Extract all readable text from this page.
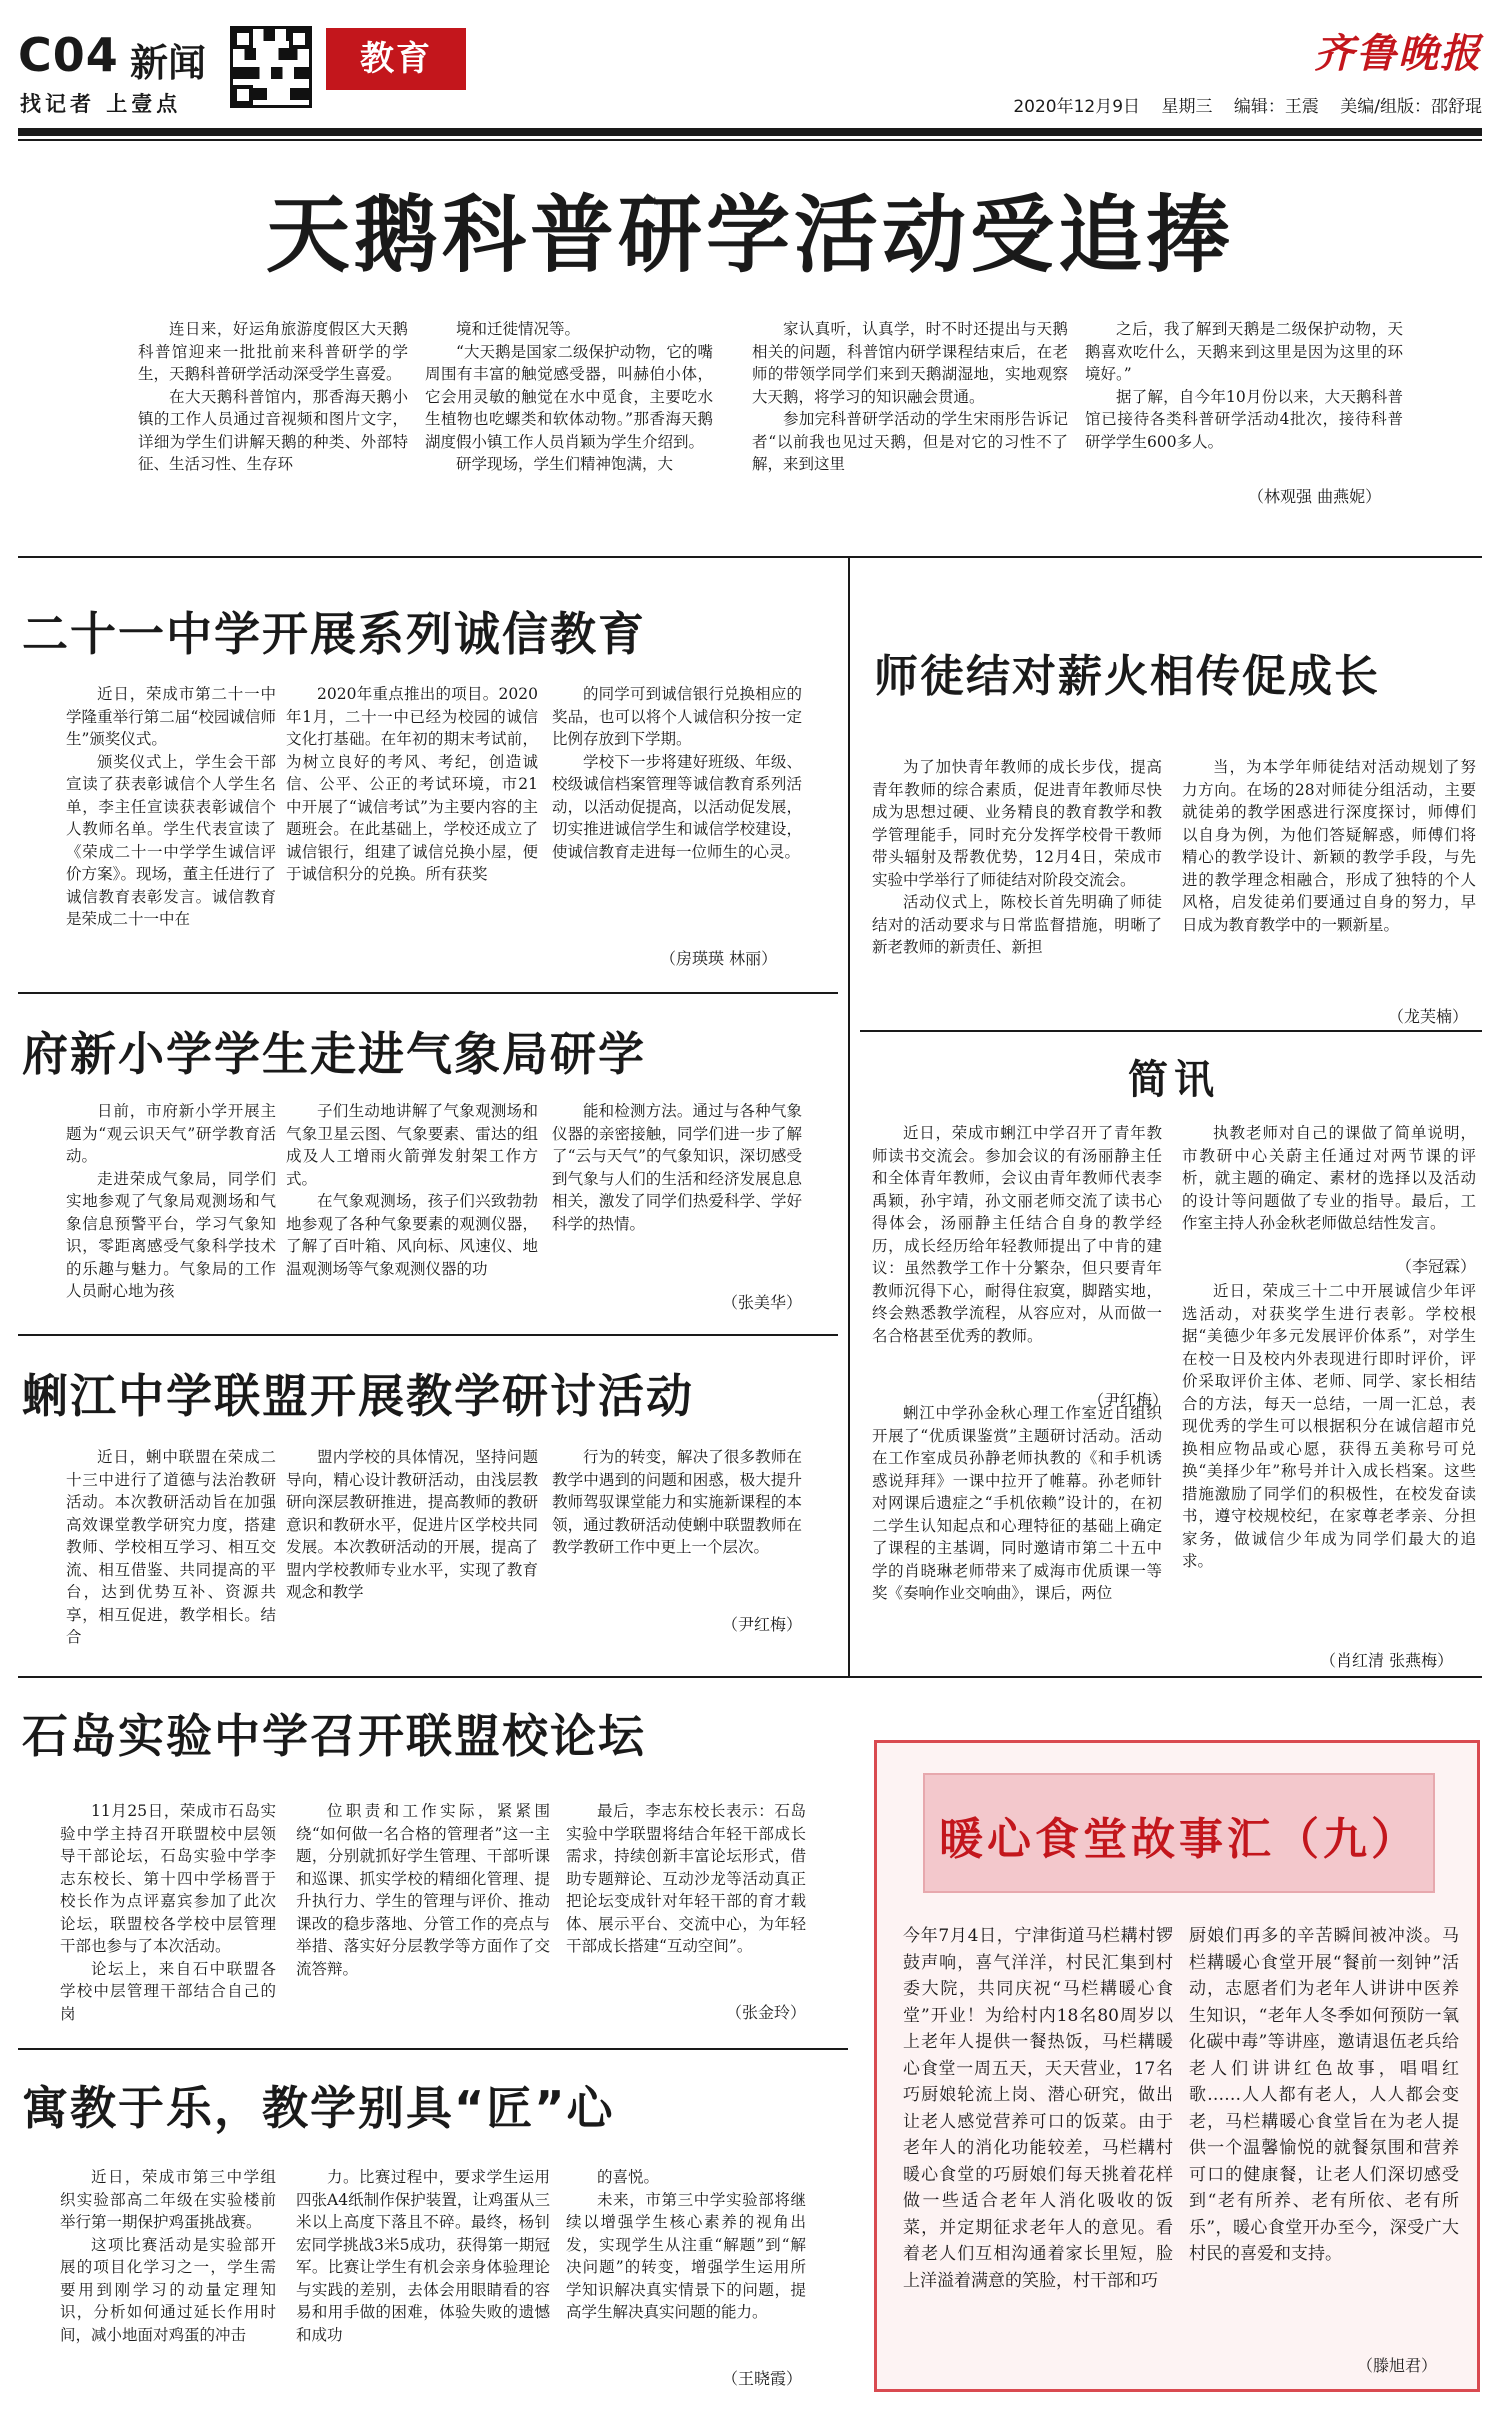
C04 新闻
找记者 上壹点
教育	齐鲁晚报
2020年12月9日 星期三 编辑：王震 美编/组版：邵舒琨
天鹅科普研学活动受追捧

连日来，好运角旅游度假区大天鹅科普馆迎来一批批前来科普研学的学生，天鹅科普研学活动深受学生喜爱。

在大天鹅科普馆内，那香海天鹅小镇的工作人员通过音视频和图片文字，详细为学生们讲解天鹅的种类、外部特征、生活习性、生存环

境和迁徙情况等。

“大天鹅是国家二级保护动物，它的嘴周围有丰富的触觉感受器，叫赫伯小体，它会用灵敏的触觉在水中觅食，主要吃水生植物也吃螺类和软体动物。”那香海天鹅湖度假小镇工作人员肖颖为学生介绍到。

研学现场，学生们精神饱满，大

家认真听，认真学，时不时还提出与天鹅相关的问题，科普馆内研学课程结束后，在老师的带领学同学们来到天鹅湖湿地，实地观察大天鹅，将学习的知识融会贯通。

参加完科普研学活动的学生宋雨彤告诉记者“以前我也见过天鹅，但是对它的习性不了解，来到这里

之后，我了解到天鹅是二级保护动物，天鹅喜欢吃什么，天鹅来到这里是因为这里的环境好。”

据了解，自今年10月份以来，大天鹅科普馆已接待各类科普研学活动4批次，接待科普研学学生600多人。

（林观强 曲燕妮）
二十一中学开展系列诚信教育

近日，荣成市第二十一中学隆重举行第二届“校园诚信师生”颁奖仪式。

颁奖仪式上，学生会干部宣读了获表彰诚信个人学生名单，李主任宣读获表彰诚信个人教师名单。学生代表宣读了《荣成二十一中学学生诚信评价方案》。现场，董主任进行了诚信教育表彰发言。诚信教育是荣成二十一中在

2020年重点推出的项目。2020年1月，二十一中已经为校园的诚信文化打基础。在年初的期末考试前，为树立良好的考风、考纪，创造诚信、公平、公正的考试环境，市21中开展了“诚信考试”为主要内容的主题班会。在此基础上，学校还成立了诚信银行，组建了诚信兑换小屋，便于诚信积分的兑换。所有获奖

的同学可到诚信银行兑换相应的奖品，也可以将个人诚信积分按一定比例存放到下学期。

学校下一步将建好班级、年级、校级诚信档案管理等诚信教育系列活动，以活动促提高，以活动促发展，切实推进诚信学生和诚信学校建设，使诚信教育走进每一位师生的心灵。

（房瑛瑛 林丽）
府新小学学生走进气象局研学

日前，市府新小学开展主题为“观云识天气”研学教育活动。

走进荣成气象局，同学们实地参观了气象局观测场和气象信息预警平台，学习气象知识，零距离感受气象科学技术的乐趣与魅力。气象局的工作人员耐心地为孩

子们生动地讲解了气象观测场和气象卫星云图、气象要素、雷达的组成及人工增雨火箭弹发射架工作方式。

在气象观测场，孩子们兴致勃勃地参观了各种气象要素的观测仪器，了解了百叶箱、风向标、风速仪、地温观测场等气象观测仪器的功

能和检测方法。通过与各种气象仪器的亲密接触，同学们进一步了解了“云与天气”的气象知识，深切感受到气象与人们的生活和经济发展息息相关，激发了同学们热爱科学、学好科学的热情。

（张美华）
蜊江中学联盟开展教学研讨活动

近日，蜊中联盟在荣成二十三中进行了道德与法治教研活动。本次教研活动旨在加强高效课堂教学研究力度，搭建教师、学校相互学习、相互交流、相互借鉴、共同提高的平台，达到优势互补、资源共享，相互促进，教学相长。结合

盟内学校的具体情况，坚持问题导向，精心设计教研活动，由浅层教研向深层教研推进，提高教师的教研意识和教研水平，促进片区学校共同发展。本次教研活动的开展，提高了盟内学校教师专业水平，实现了教育观念和教学

行为的转变，解决了很多教师在教学中遇到的问题和困惑，极大提升教师驾驭课堂能力和实施新课程的本领，通过教研活动使蜊中联盟教师在教学教研工作中更上一个层次。

（尹红梅）
石岛实验中学召开联盟校论坛

11月25日，荣成市石岛实验中学主持召开联盟校中层领导干部论坛，石岛实验中学李志东校长、第十四中学杨晋于校长作为点评嘉宾参加了此次论坛，联盟校各学校中层管理干部也参与了本次活动。

论坛上，来自石中联盟各学校中层管理干部结合自己的岗

位职责和工作实际，紧紧围绕“如何做一名合格的管理者”这一主题，分别就抓好学生管理、干部听课和巡课、抓实学校的精细化管理、提升执行力、学生的管理与评价、推动课改的稳步落地、分管工作的亮点与举措、落实好分层教学等方面作了交流答辩。

最后，李志东校长表示：石岛实验中学联盟将结合年轻干部成长需求，持续创新丰富论坛形式，借助专题辩论、互动沙龙等活动真正把论坛变成针对年轻干部的育才载体、展示平台、交流中心，为年轻干部成长搭建“互动空间”。

（张金玲）
寓教于乐，教学别具“匠”心

近日，荣成市第三中学组织实验部高二年级在实验楼前举行第一期保护鸡蛋挑战赛。

这项比赛活动是实验部开展的项目化学习之一，学生需要用到刚学习的动量定理知识，分析如何通过延长作用时间，减小地面对鸡蛋的冲击

力。比赛过程中，要求学生运用四张A4纸制作保护装置，让鸡蛋从三米以上高度下落且不碎。最终，杨钊宏同学挑战3米5成功，获得第一期冠军。比赛让学生有机会亲身体验理论与实践的差别，去体会用眼睛看的容易和用手做的困难，体验失败的遗憾和成功

的喜悦。

未来，市第三中学实验部将继续以增强学生核心素养的视角出发，实现学生从注重“解题”到“解决问题”的转变，增强学生运用所学知识解决真实情景下的问题，提高学生解决真实问题的能力。

（王晓霞）
师徒结对薪火相传促成长

为了加快青年教师的成长步伐，提高青年教师的综合素质，促进青年教师尽快成为思想过硬、业务精良的教育教学和教学管理能手，同时充分发挥学校骨干教师带头辐射及帮教优势，12月4日，荣成市实验中学举行了师徒结对阶段交流会。

活动仪式上，陈校长首先明确了师徒结对的活动要求与日常监督措施，明晰了新老教师的新责任、新担

当，为本学年师徒结对活动规划了努力方向。在场的28对师徒分组活动，主要就徒弟的教学困惑进行深度探讨，师傅们以自身为例，为他们答疑解惑，师傅们将精心的教学设计、新颖的教学手段，与先进的教学理念相融合，形成了独特的个人风格，启发徒弟们要通过自身的努力，早日成为教育教学中的一颗新星。

（龙芙楠）
简讯

近日，荣成市蜊江中学召开了青年教师读书交流会。参加会议的有汤丽静主任和全体青年教师，会议由青年教师代表李禹颖，孙宇靖，孙文丽老师交流了读书心得体会，汤丽静主任结合自身的教学经历，成长经历给年轻教师提出了中肯的建议：虽然教学工作十分繁杂，但只要青年教师沉得下心，耐得住寂寞，脚踏实地，终会熟悉教学流程，从容应对，从而做一名合格甚至优秀的教师。

（尹红梅）

蜊江中学孙金秋心理工作室近日组织开展了“优质课鉴赏”主题研讨活动。活动在工作室成员孙静老师执教的《和手机诱惑说拜拜》一课中拉开了帷幕。孙老师针对网课后遗症之“手机依赖”设计的，在初二学生认知起点和心理特征的基础上确定了课程的主基调，同时邀请市第二十五中学的肖晓琳老师带来了威海市优质课一等奖《奏响作业交响曲》，课后，两位

执教老师对自己的课做了简单说明，市教研中心关蔚主任通过对两节课的评析，就主题的确定、素材的选择以及活动的设计等问题做了专业的指导。最后，工作室主持人孙金秋老师做总结性发言。

（李冠霖）

近日，荣成三十二中开展诚信少年评选活动，对获奖学生进行表彰。学校根据“美德少年多元发展评价体系”，对学生在校一日及校内外表现进行即时评价，评价采取评价主体、老师、同学、家长相结合的方法，每天一总结，一周一汇总，表现优秀的学生可以根据积分在诚信超市兑换相应物品或心愿，获得五美称号可兑换“美择少年”称号并计入成长档案。这些措施激励了同学们的积极性，在校发奋读书，遵守校规校纪，在家尊老孝亲、分担家务，做诚信少年成为同学们最大的追求。

（肖红清 张燕梅）
暖心食堂故事汇（九）
今年7月4日，宁津街道马栏耩村锣鼓声响，喜气洋洋，村民汇集到村委大院，共同庆祝“马栏耩暖心食堂”开业！为给村内18名80周岁以上老年人提供一餐热饭，马栏耩暖心食堂一周五天，天天营业，17名巧厨娘轮流上岗、潜心研究，做出让老人感觉营养可口的饭菜。由于老年人的消化功能较差，马栏耩村暖心食堂的巧厨娘们每天挑着花样做一些适合老年人消化吸收的饭菜，并定期征求老年人的意见。看着老人们互相沟通着家长里短，脸上洋溢着满意的笑脸，村干部和巧
厨娘们再多的辛苦瞬间被冲淡。马栏耩暖心食堂开展“餐前一刻钟”活动，志愿者们为老年人讲讲中医养生知识，“老年人冬季如何预防一氧化碳中毒”等讲座，邀请退伍老兵给老人们讲讲红色故事，唱唱红歌……人人都有老人，人人都会变老，马栏耩暖心食堂旨在为老人提供一个温馨愉悦的就餐氛围和营养可口的健康餐，让老人们深切感受到“老有所养、老有所依、老有所乐”，暖心食堂开办至今，深受广大村民的喜爱和支持。
（滕旭君）
